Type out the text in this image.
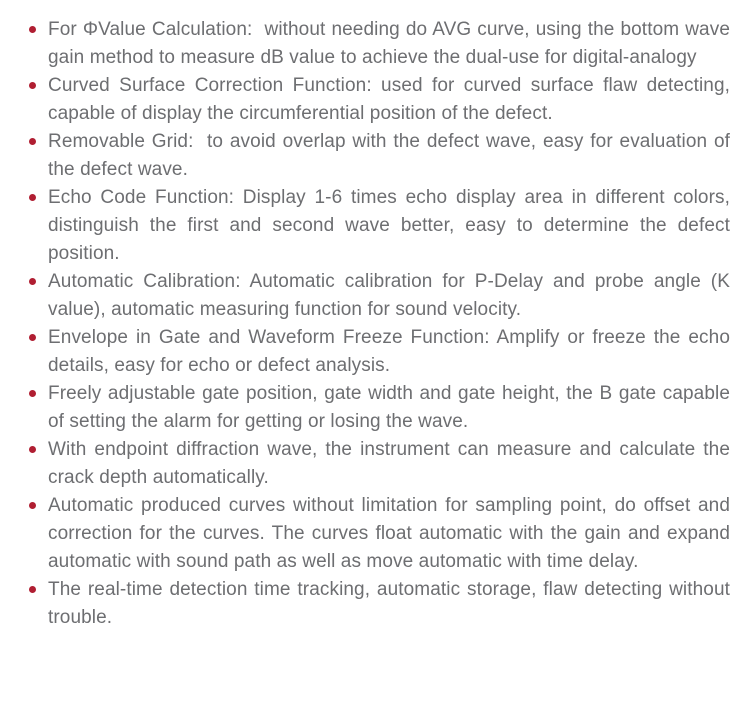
For ΦValue Calculation:  without needing do AVG curve, using the bottom wave gain method to measure dB value to achieve the dual-use for digital-analogy
Curved Surface Correction Function: used for curved surface flaw detecting, capable of display the circumferential position of the defect.
Removable Grid:  to avoid overlap with the defect wave, easy for evaluation of the defect wave.
Echo Code Function: Display 1-6 times echo display area in different colors, distinguish the first and second wave better, easy to determine the defect position.
Automatic Calibration: Automatic calibration for P-Delay and probe angle (K value), automatic measuring function for sound velocity.
Envelope in Gate and Waveform Freeze Function: Amplify or freeze the echo details, easy for echo or defect analysis.
Freely adjustable gate position, gate width and gate height, the B gate capable of setting the alarm for getting or losing the wave.
With endpoint diffraction wave, the instrument can measure and calculate the crack depth automatically.
Automatic produced curves without limitation for sampling point, do offset and correction for the curves. The curves float automatic with the gain and expand automatic with sound path as well as move automatic with time delay.
The real-time detection time tracking, automatic storage, flaw detecting without trouble.
